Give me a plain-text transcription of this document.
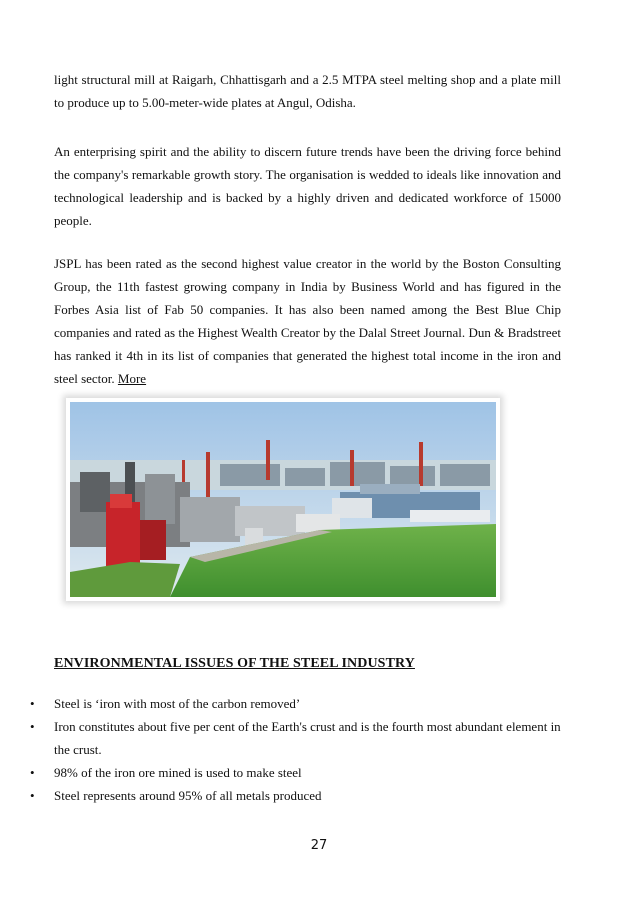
light structural mill at Raigarh, Chhattisgarh and a 2.5 MTPA steel melting shop and a plate mill to produce up to 5.00-meter-wide plates at Angul, Odisha.

An enterprising spirit and the ability to discern future trends have been the driving force behind the company's remarkable growth story. The organisation is wedded to ideals like innovation and technological leadership and is backed by a highly driven and dedicated workforce of 15000 people.

JSPL has been rated as the second highest value creator in the world by the Boston Consulting Group, the 11th fastest growing company in India by Business World and has figured in the Forbes Asia list of Fab 50 companies. It has also been named among the Best Blue Chip companies and rated as the Highest Wealth Creator by the Dalal Street Journal. Dun & Bradstreet has ranked it 4th in its list of companies that generated the highest total income in the iron and steel sector. More

ENVIRONMENTAL ISSUES OF THE STEEL INDUSTRY
• Steel is ‘iron with most of the carbon removed’
• Iron constitutes about five per cent of the Earth's crust and is the fourth most abundant element in the crust.
• 98% of the iron ore mined is used to make steel
• Steel represents around 95% of all metals produced
27
